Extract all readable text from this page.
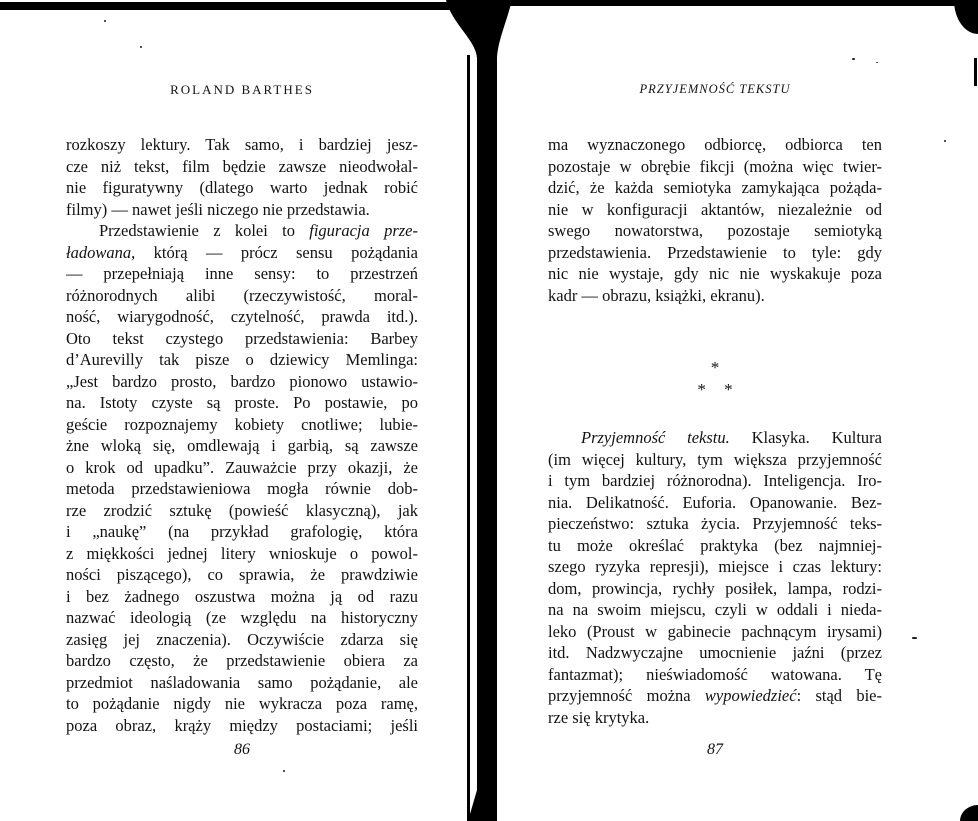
ROLAND BARTHES
rozkoszy lektury. Tak samo, i bardziej jesz-
cze niż tekst, film będzie zawsze nieodwołal-
nie figuratywny (dlatego warto jednak robić
filmy) — nawet jeśli niczego nie przedstawia.
Przedstawienie z kolei to figuracja prze-
ładowana, którą — prócz sensu pożądania
— przepełniają inne sensy: to przestrzeń
różnorodnych alibi (rzeczywistość, moral-
ność, wiarygodność, czytelność, prawda itd.).
Oto tekst czystego przedstawienia: Barbey
d’Aurevilly tak pisze o dziewicy Memlinga:
„Jest bardzo prosto, bardzo pionowo ustawio-
na. Istoty czyste są proste. Po postawie, po
geście rozpoznajemy kobiety cnotliwe; lubie-
żne wloką się, omdlewają i garbią, są zawsze
o krok od upadku”. Zauważcie przy okazji, że
metoda przedstawieniowa mogła równie dob-
rze zrodzić sztukę (powieść klasyczną), jak
i „naukę” (na przykład grafologię, która
z miękkości jednej litery wnioskuje o powol-
ności piszącego), co sprawia, że prawdziwie
i bez żadnego oszustwa można ją od razu
nazwać ideologią (ze względu na historyczny
zasięg jej znaczenia). Oczywiście zdarza się
bardzo często, że przedstawienie obiera za
przedmiot naśladowania samo pożądanie, ale
to pożądanie nigdy nie wykracza poza ramę,
poza obraz, krąży między postaciami; jeśli
86
PRZYJEMNOŚĆ TEKSTU
ma wyznaczonego odbiorcę, odbiorca ten
pozostaje w obrębie fikcji (można więc twier-
dzić, że każda semiotyka zamykająca pożąda-
nie w konfiguracji aktantów, niezależnie od
swego nowatorstwa, pozostaje semiotyką
przedstawienia. Przedstawienie to tyle: gdy
nic nie wystaje, gdy nic nie wyskakuje poza
kadr — obrazu, książki, ekranu).
*
* *
Przyjemność tekstu. Klasyka. Kultura
(im więcej kultury, tym większa przyjemność
i tym bardziej różnorodna). Inteligencja. Iro-
nia. Delikatność. Euforia. Opanowanie. Bez-
pieczeństwo: sztuka życia. Przyjemność teks-
tu może określać praktyka (bez najmniej-
szego ryzyka represji), miejsce i czas lektury:
dom, prowincja, rychły posiłek, lampa, rodzi-
na na swoim miejscu, czyli w oddali i nieda-
leko (Proust w gabinecie pachnącym irysami)
itd. Nadzwyczajne umocnienie jaźni (przez
fantazmat); nieświadomość watowana. Tę
przyjemność można wypowiedzieć: stąd bie-
rze się krytyka.
87
